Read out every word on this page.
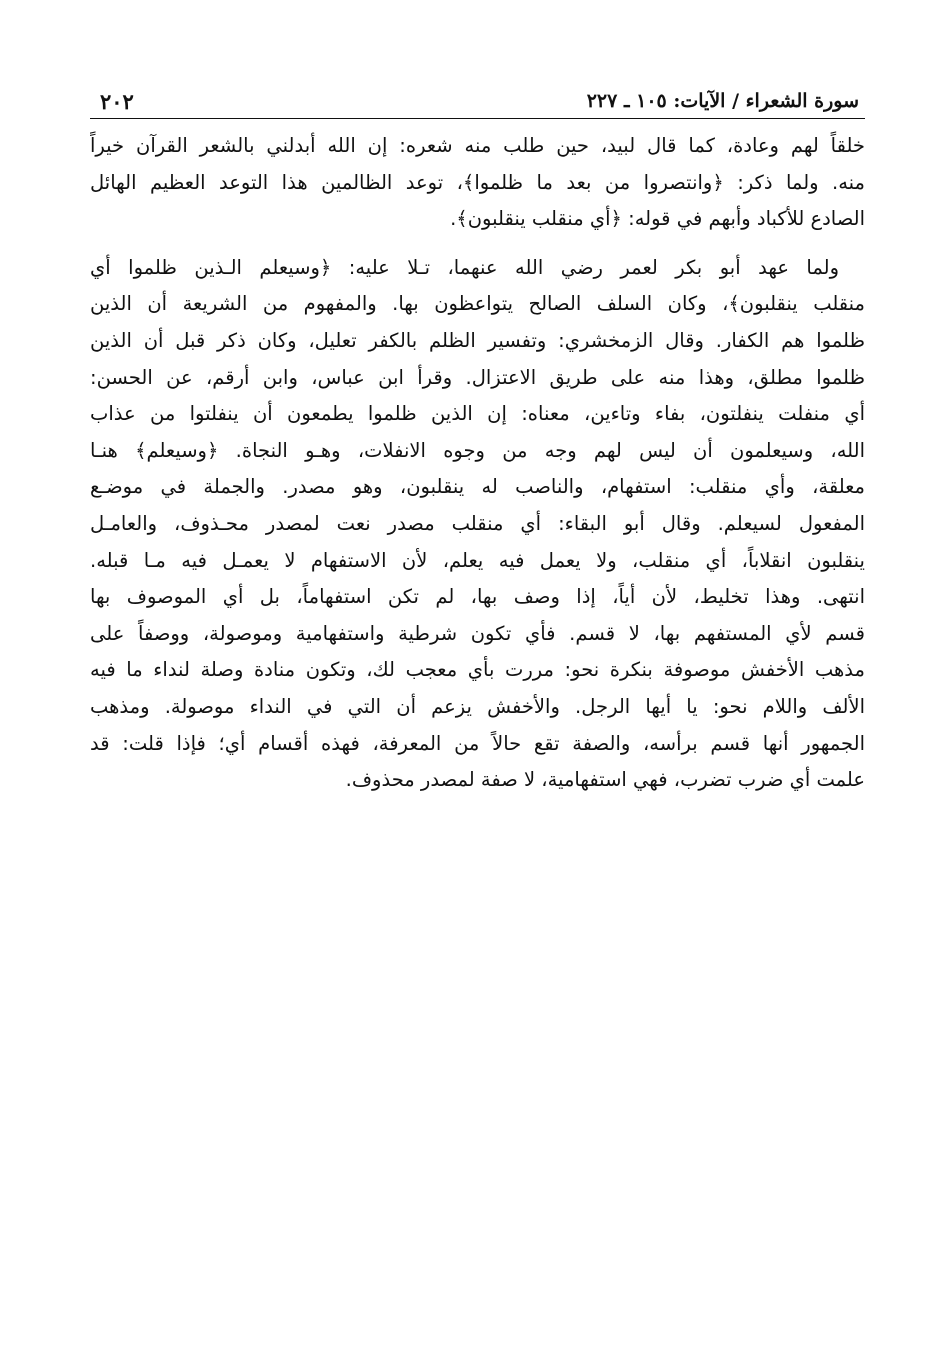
٢٠٢	سورة الشعراء / الآيات: ١٠٥ ـ ٢٢٧

خلقاً لهم وعادة، كما قال لبيد، حين طلب منه شعره: إن الله أبدلني بالشعر القرآن خيراً
منه. ولما ذكر: ﴿وانتصروا من بعد ما ظلموا﴾، توعد الظالمين هذا التوعد العظيم الهائل
الصادع للأكباد وأبهم في قوله: ﴿أي منقلب ينقلبون﴾.

ولما عهد أبو بكر لعمر رضي الله عنهما، تـلا عليه: ﴿وسيعلم الـذين ظلموا أي
منقلب ينقلبون﴾، وكان السلف الصالح يتواعظون بها. والمفهوم من الشريعة أن الذين
ظلموا هم الكفار. وقال الزمخشري: وتفسير الظلم بالكفر تعليل، وكان ذكر قبل أن الذين
ظلموا مطلق، وهذا منه على طريق الاعتزال. وقرأ ابن عباس، وابن أرقم، عن الحسن:
أي منفلت ينفلتون، بفاء وتاءين، معناه: إن الذين ظلموا يطمعون أن ينفلتوا من عذاب
الله، وسيعلمون أن ليس لهم وجه من وجوه الانفلات، وهـو النجاة. ﴿وسيعلم﴾ هنـا
معلقة، وأي منقلب: استفهام، والناصب له ينقلبون، وهو مصدر. والجملة في موضـع
المفعول لسيعلم. وقال أبو البقاء: أي منقلب مصدر نعت لمصدر محـذوف، والعامـل
ينقلبون انقلاباً، أي منقلب، ولا يعمل فيه يعلم، لأن الاستفهام لا يعمـل فيه مـا قبله.
انتهى. وهذا تخليط، لأن أياً، إذا وصف بها، لم تكن استفهاماً، بل أي الموصوف بها
قسم لأي المستفهم بها، لا قسم. فأي تكون شرطية واستفهامية وموصولة، ووصفاً على
مذهب الأخفش موصوفة بنكرة نحو: مررت بأي معجب لك، وتكون منادة وصلة لنداء ما فيه
الألف واللام نحو: يا أيها الرجل. والأخفش يزعم أن التي في النداء موصولة. ومذهب
الجمهور أنها قسم برأسه، والصفة تقع حالاً من المعرفة، فهذه أقسام أي؛ فإذا قلت: قد
علمت أي ضرب تضرب، فهي استفهامية، لا صفة لمصدر محذوف.
